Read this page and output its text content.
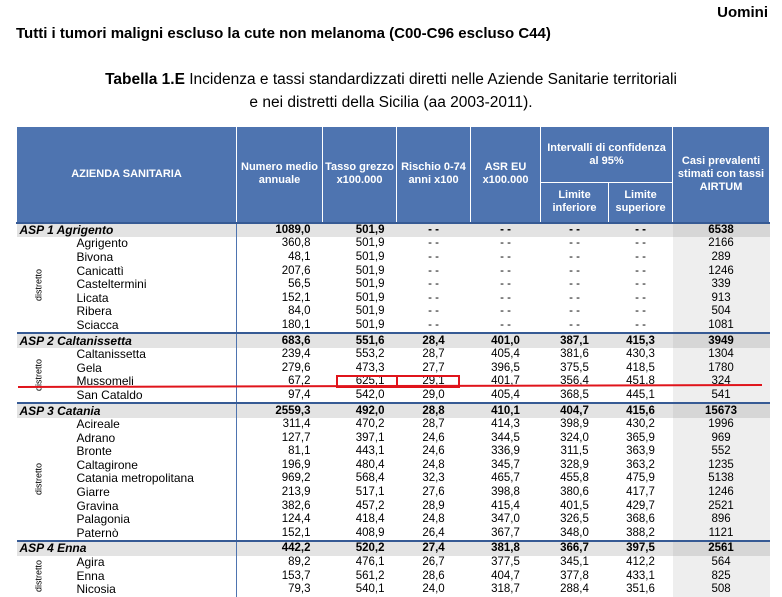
Uomini
Tutti i tumori maligni escluso la cute non melanoma (C00-C96 escluso C44)
Tabella 1.E Incidenza e tassi standardizzati diretti nelle Aziende Sanitarie territoriali
e nei distretti della Sicilia (aa 2003-2011).
AZIENDA SANITARIA		Numero medio annuale	Tasso grezzo x100.000	Rischio 0-74 anni x100	ASR EU x100.000	Intervalli di confidenza al 95%		Casi prevalenti stimati con tassi AIRTUM
						Limite inferiore	Limite superiore	
ASP 1 Agrigento		1089,0	501,9	- -	- -	- -	- -	6538

distretto	Agrigento	360,8	501,9	- -	- -	- -	- -	2166
	Bivona	48,1	501,9	- -	- -	- -	- -	289
	Canicattì	207,6	501,9	- -	- -	- -	- -	1246
	Casteltermini	56,5	501,9	- -	- -	- -	- -	339
	Licata	152,1	501,9	- -	- -	- -	- -	913
	Ribera	84,0	501,9	- -	- -	- -	- -	504
	Sciacca	180,1	501,9	- -	- -	- -	- -	1081
ASP 2 Caltanissetta		683,6	551,6	28,4	401,0	387,1	415,3	3949

distretto	Caltanissetta	239,4	553,2	28,7	405,4	381,6	430,3	1304
	Gela	279,6	473,3	27,7	396,5	375,5	418,5	1780
	Mussomeli	67,2	625,1	29,1	401,7	356,4	451,8	324
	San Cataldo	97,4	542,0	29,0	405,4	368,5	445,1	541
ASP 3 Catania		2559,3	492,0	28,8	410,1	404,7	415,6	15673

distretto	Acireale	311,4	470,2	28,7	414,3	398,9	430,2	1996
	Adrano	127,7	397,1	24,6	344,5	324,0	365,9	969
	Bronte	81,1	443,1	24,6	336,9	311,5	363,9	552
	Caltagirone	196,9	480,4	24,8	345,7	328,9	363,2	1235
	Catania metropolitana	969,2	568,4	32,3	465,7	455,8	475,9	5138
	Giarre	213,9	517,1	27,6	398,8	380,6	417,7	1246
	Gravina	382,6	457,2	28,9	415,4	401,5	429,7	2521
	Palagonia	124,4	418,4	24,8	347,0	326,5	368,6	896
	Paternò	152,1	408,9	26,4	367,7	348,0	388,2	1121
ASP 4 Enna		442,2	520,2	27,4	381,8	366,7	397,5	2561

distretto	Agira	89,2	476,1	26,7	377,5	345,1	412,2	564
	Enna	153,7	561,2	28,6	404,7	377,8	433,1	825
	Nicosia	79,3	540,1	24,0	318,7	288,4	351,6	508
